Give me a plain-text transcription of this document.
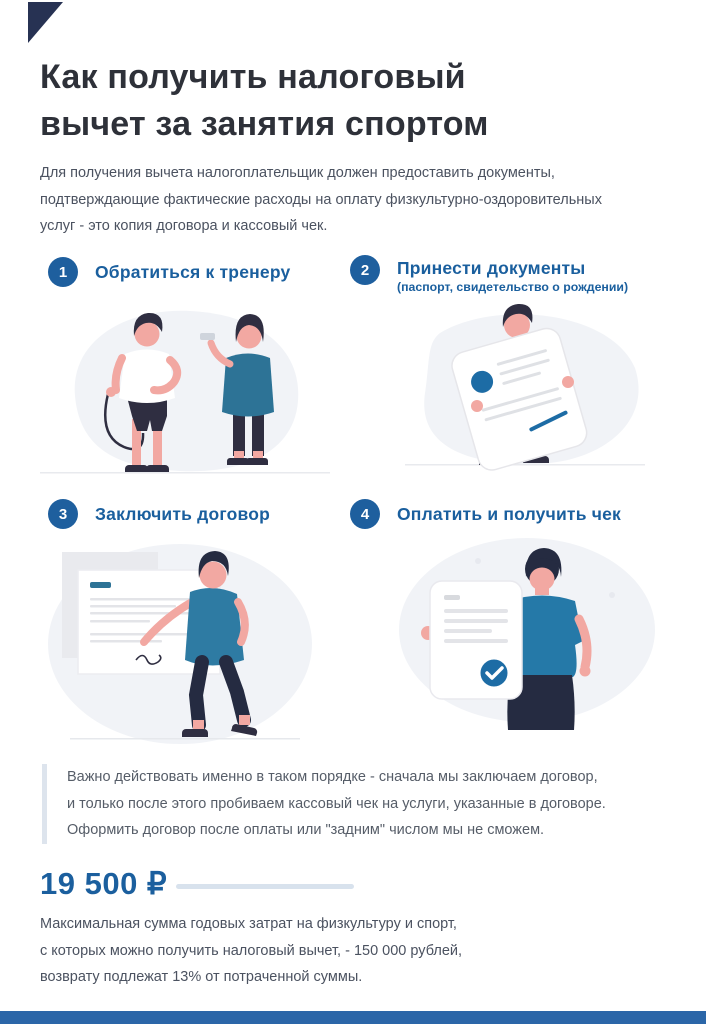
Как получить налоговый
вычет за занятия спортом
Для получения вычета налогоплательщик должен предоставить документы,
подтверждающие фактические расходы на оплату физкультурно-оздоровительных
услуг - это копия договора и кассовый чек.
1	Обратиться к тренеру	2	Принести документы
(паспорт, свидетельство о рождении)
3	Заключить договор	4	Оплатить и получить чек
Важно действовать именно в таком порядке - сначала мы заключаем договор,
и только после этого пробиваем кассовый чек на услуги, указанные в договоре.
Оформить договор после оплаты или "задним" числом мы не сможем.
19 500 ₽
Максимальная сумма годовых затрат на физкультуру и спорт,
с которых можно получить налоговый вычет, - 150 000 рублей,
возврату подлежат 13% от потраченной суммы.
